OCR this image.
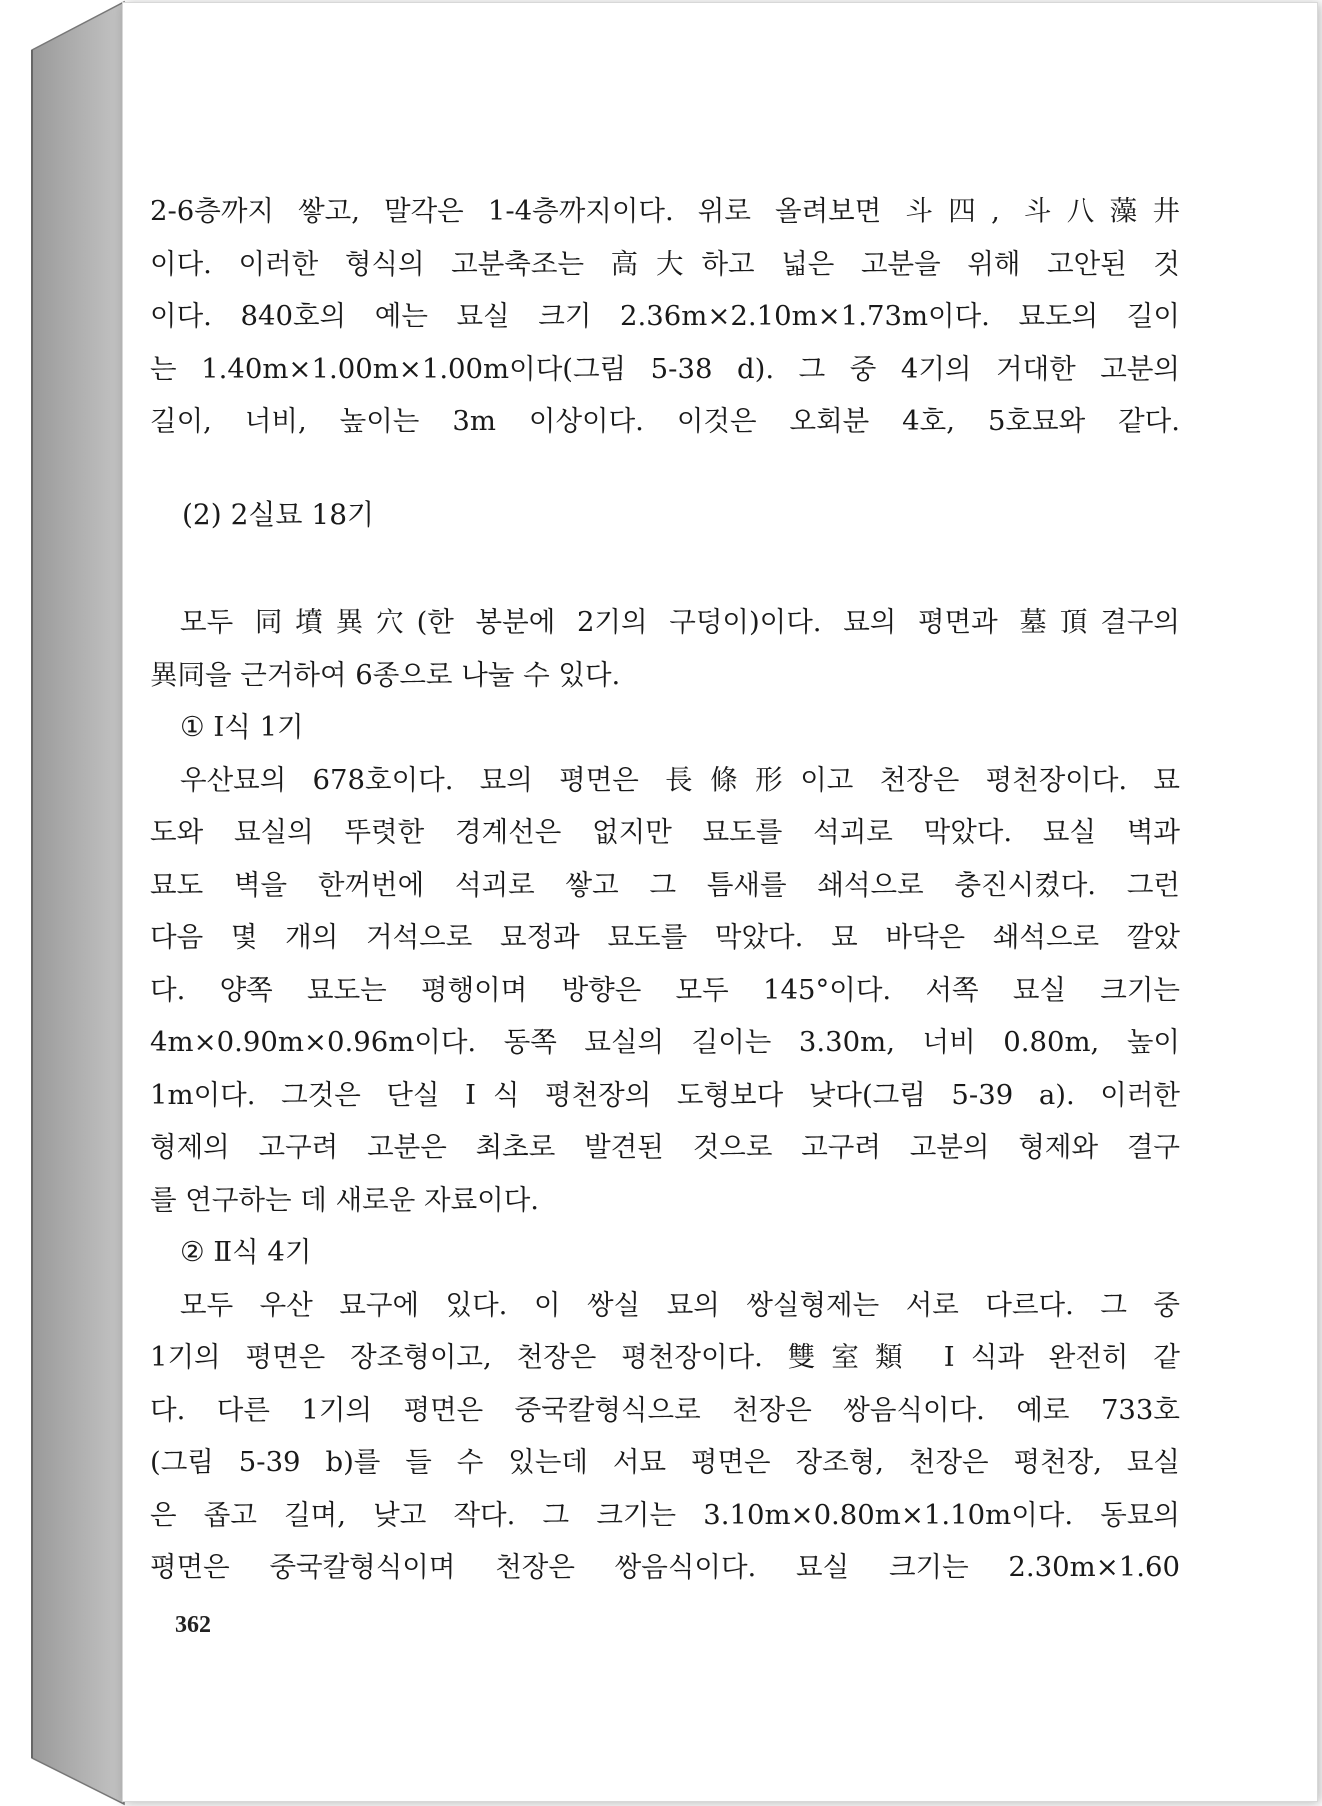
2-6층까지 쌓고, 말각은 1-4층까지이다. 위로 올려보면 斗四, 斗八藻井
이다. 이러한 형식의 고분축조는 高大하고 넓은 고분을 위해 고안된 것
이다. 840호의 예는 묘실 크기 2.36m×2.10m×1.73m이다. 묘도의 길이
는 1.40m×1.00m×1.00m이다(그림 5-38 d). 그 중 4기의 거대한 고분의
길이, 너비, 높이는 3m 이상이다. 이것은 오회분 4호, 5호묘와 같다.
(2) 2실묘 18기
모두 同墳異穴(한 봉분에 2기의 구덩이)이다. 묘의 평면과 墓頂결구의
異同을 근거하여 6종으로 나눌 수 있다.
① Ⅰ식 1기
우산묘의 678호이다. 묘의 평면은 長條形이고 천장은 평천장이다. 묘
도와 묘실의 뚜렷한 경계선은 없지만 묘도를 석괴로 막았다. 묘실 벽과
묘도 벽을 한꺼번에 석괴로 쌓고 그 틈새를 쇄석으로 충진시켰다. 그런
다음 몇 개의 거석으로 묘정과 묘도를 막았다. 묘 바닥은 쇄석으로 깔았
다. 양쪽 묘도는 평행이며 방향은 모두 145°이다. 서쪽 묘실 크기는
4m×0.90m×0.96m이다. 동쪽 묘실의 길이는 3.30m, 너비 0.80m, 높이
1m이다. 그것은 단실 Ⅰ식 평천장의 도형보다 낮다(그림 5-39 a). 이러한
형제의 고구려 고분은 최초로 발견된 것으로 고구려 고분의 형제와 결구
를 연구하는 데 새로운 자료이다.
② Ⅱ식 4기
모두 우산 묘구에 있다. 이 쌍실 묘의 쌍실형제는 서로 다르다. 그 중
1기의 평면은 장조형이고, 천장은 평천장이다. 雙室類 Ⅰ식과 완전히 같
다. 다른 1기의 평면은 중국칼형식으로 천장은 쌍음식이다. 예로 733호
(그림 5-39 b)를 들 수 있는데 서묘 평면은 장조형, 천장은 평천장, 묘실
은 좁고 길며, 낮고 작다. 그 크기는 3.10m×0.80m×1.10m이다. 동묘의
평면은 중국칼형식이며 천장은 쌍음식이다. 묘실 크기는 2.30m×1.60
362
